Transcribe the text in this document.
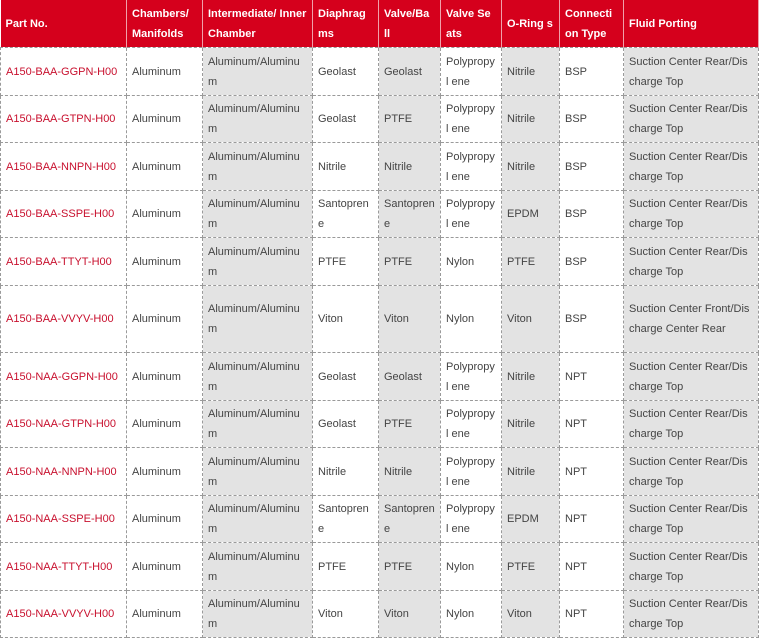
Part No.	Chambers/ Manifolds	Intermediate/ Inner Chamber	Diaphrag ms	Valve/Ba ll	Valve Seats	O-Ring s	Connecti on Type	Fluid Porting
A150-BAA-GGPN-H00	Aluminum	Aluminum/Aluminum	Geolast	Geolast	Polypropyl ene	Nitrile	BSP	Suction Center Rear/Discharge Top
A150-BAA-GTPN-H00	Aluminum	Aluminum/Aluminum	Geolast	PTFE	Polypropyl ene	Nitrile	BSP	Suction Center Rear/Discharge Top
A150-BAA-NNPN-H00	Aluminum	Aluminum/Aluminum	Nitrile	Nitrile	Polypropyl ene	Nitrile	BSP	Suction Center Rear/Discharge Top
A150-BAA-SSPE-H00	Aluminum	Aluminum/Aluminum	Santopren e	Santopren e	Polypropyl ene	EPDM	BSP	Suction Center Rear/Discharge Top
A150-BAA-TTYT-H00	Aluminum	Aluminum/Aluminum	PTFE	PTFE	Nylon	PTFE	BSP	Suction Center Rear/Discharge Top
A150-BAA-VVYV-H00	Aluminum	Aluminum/Aluminum	Viton	Viton	Nylon	Viton	BSP	Suction Center Front/Discharge Center Rear
A150-NAA-GGPN-H00	Aluminum	Aluminum/Aluminum	Geolast	Geolast	Polypropyl ene	Nitrile	NPT	Suction Center Rear/Discharge Top
A150-NAA-GTPN-H00	Aluminum	Aluminum/Aluminum	Geolast	PTFE	Polypropyl ene	Nitrile	NPT	Suction Center Rear/Discharge Top
A150-NAA-NNPN-H00	Aluminum	Aluminum/Aluminum	Nitrile	Nitrile	Polypropyl ene	Nitrile	NPT	Suction Center Rear/Discharge Top
A150-NAA-SSPE-H00	Aluminum	Aluminum/Aluminum	Santopren e	Santopren e	Polypropyl ene	EPDM	NPT	Suction Center Rear/Discharge Top
A150-NAA-TTYT-H00	Aluminum	Aluminum/Aluminum	PTFE	PTFE	Nylon	PTFE	NPT	Suction Center Rear/Discharge Top
A150-NAA-VVYV-H00	Aluminum	Aluminum/Aluminum	Viton	Viton	Nylon	Viton	NPT	Suction Center Rear/Discharge Top
